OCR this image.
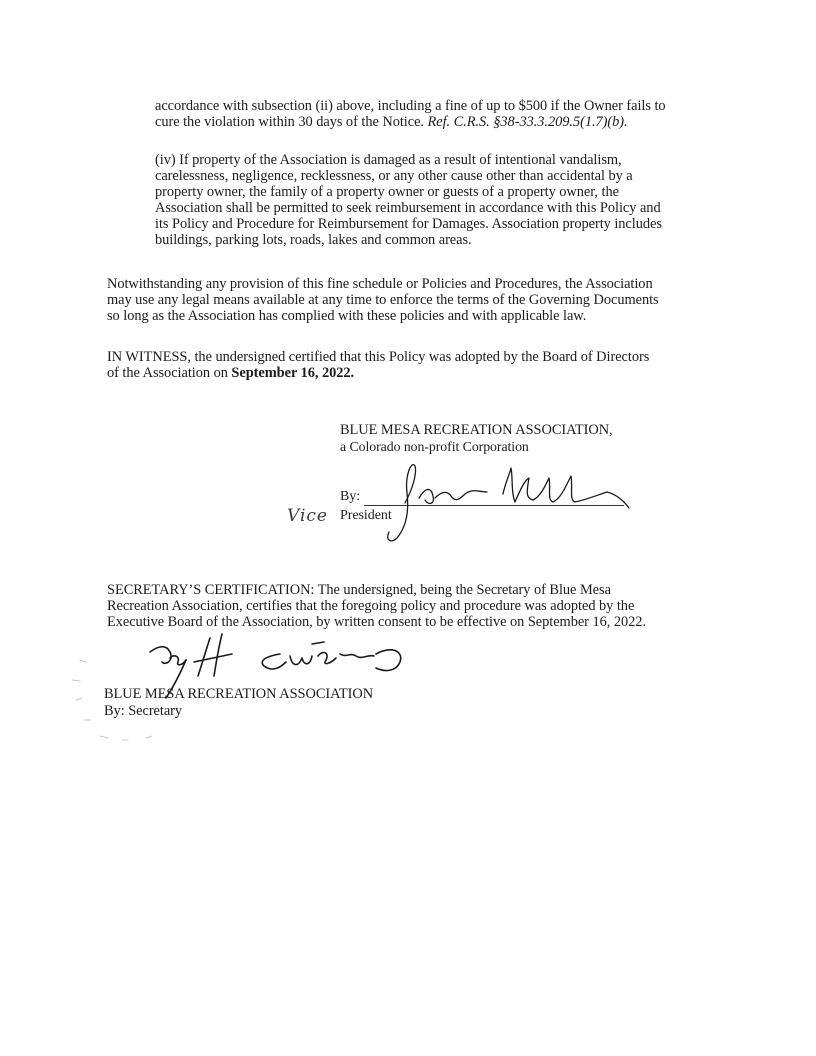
accordance with subsection (ii) above, including a fine of up to $500 if the Owner fails to
cure the violation within 30 days of the Notice. Ref. C.R.S. §38-33.3.209.5(1.7)(b).
(iv) If property of the Association is damaged as a result of intentional vandalism,
carelessness, negligence, recklessness, or any other cause other than accidental by a
property owner, the family of a property owner or guests of a property owner, the
Association shall be permitted to seek reimbursement in accordance with this Policy and
its Policy and Procedure for Reimbursement for Damages. Association property includes
buildings, parking lots, roads, lakes and common areas.
Notwithstanding any provision of this fine schedule or Policies and Procedures, the Association
may use any legal means available at any time to enforce the terms of the Governing Documents
so long as the Association has complied with these policies and with applicable law.
IN WITNESS, the undersigned certified that this Policy was adopted by the Board of Directors
of the Association on September 16, 2022.
BLUE MESA RECREATION ASSOCIATION,
a Colorado non-profit Corporation
By:
Vice President
SECRETARY’S CERTIFICATION: The undersigned, being the Secretary of Blue Mesa
Recreation Association, certifies that the foregoing policy and procedure was adopted by the
Executive Board of the Association, by written consent to be effective on September 16, 2022.
BLUE MESA RECREATION ASSOCIATION
By: Secretary
